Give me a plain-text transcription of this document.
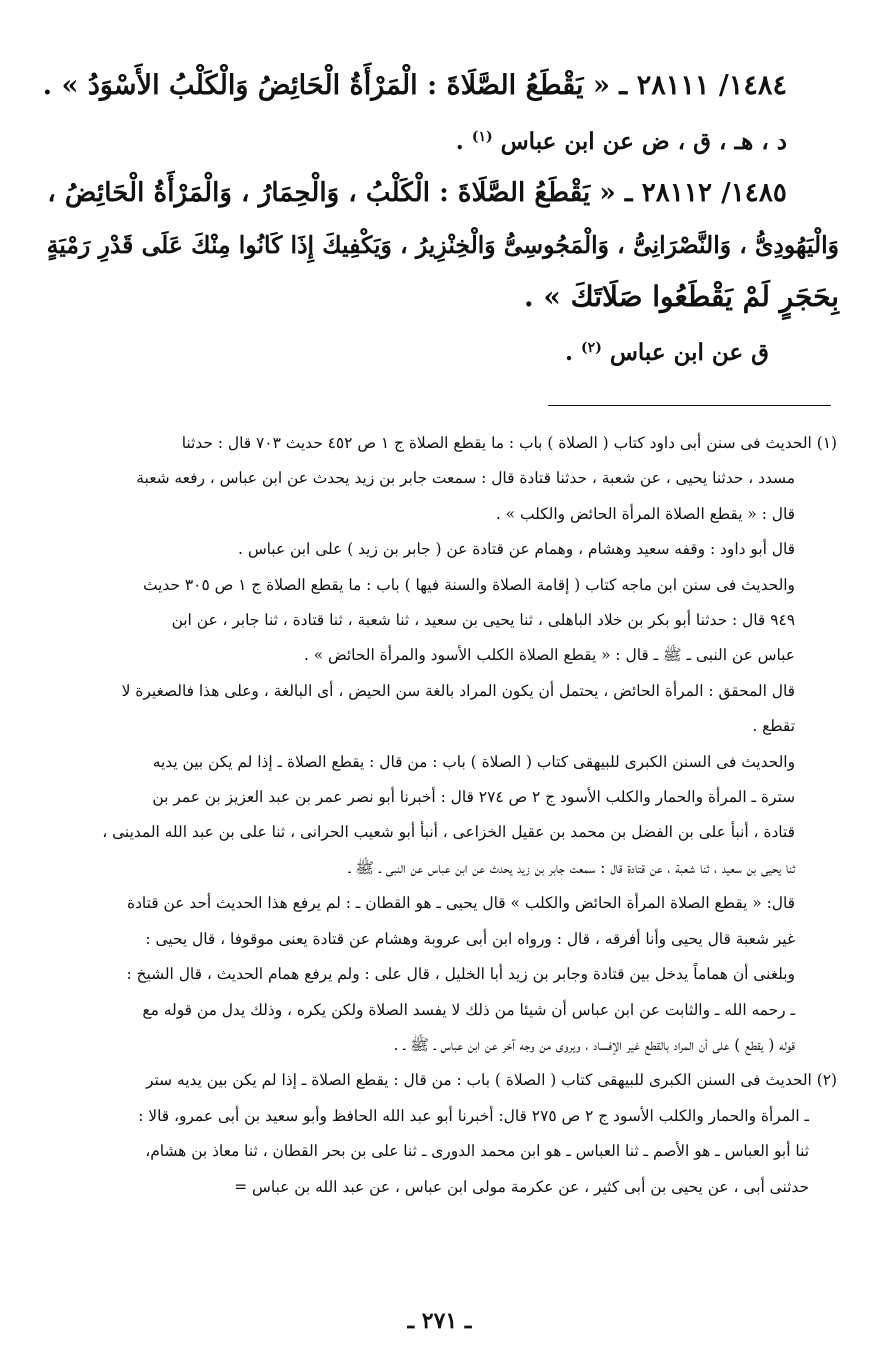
١٤٨٤/ ٢٨١١١ ـ « يَقْطَعُ الصَّلَاةَ : الْمَرْأَةُ الْحَائِضُ وَالْكَلْبُ الأَسْوَدُ » .
د ، هـ ، ق ، ض عن ابن عباس $^{(١)}$ .
١٤٨٥/ ٢٨١١٢ ـ « يَقْطَعُ الصَّلَاةَ : الْكَلْبُ ، وَالْحِمَارُ ، وَالْمَرْأَةُ الْحَائِضُ ،
وَالْيَهُودِىُّ ، وَالنَّصْرَانِىُّ ، وَالْمَجُوسِىُّ وَالْخِنْزِيرُ ، وَيَكْفِيكَ إِذَا كَانُوا مِنْكَ عَلَى قَدْرِ رَمْيَةٍ
بِحَجَرٍ لَمْ يَقْطَعُوا صَلَاتَكَ » .
ق عن ابن عباس $^{(٢)}$ .
(١) الحديث فى سنن أبى داود كتاب ( الصلاة ) باب : ما يقطع الصلاة ج ١ ص ٤٥٢ حديث ٧٠٣ قال : حدثنا
مسدد ، حدثنا يحيى ، عن شعبة ، حدثنا قتادة قال : سمعت جابر بن زيد يحدث عن ابن عباس ، رفعه شعبة
قال : « يقطع الصلاة المرأة الحائض والكلب » .
قال أبو داود : وقفه سعيد وهشام ، وهمام عن قتادة عن ( جابر بن زيد ) على ابن عباس .
والحديث فى سنن ابن ماجه كتاب ( إقامة الصلاة والسنة فيها ) باب : ما يقطع الصلاة ج ١ ص ٣٠٥ حديث
٩٤٩ قال : حدثنا أبو بكر بن خلاد الباهلى ، ثنا يحيى بن سعيد ، ثنا شعبة ، ثنا قتادة ، ثنا جابر ، عن ابن
عباس عن النبى ـ ﷺ ـ قال : « يقطع الصلاة الكلب الأسود والمرأة الحائض » .
قال المحقق : المرأة الحائض ، يحتمل أن يكون المراد بالغة سن الحيض ، أى البالغة ، وعلى هذا فالصغيرة لا
تقطع .
والحديث فى السنن الكبرى للبيهقى كتاب ( الصلاة ) باب : من قال : يقطع الصلاة ـ إذا لم يكن بين يديه
سترة ـ المرأة والحمار والكلب الأسود ج ٢ ص ٢٧٤ قال : أخبرنا أبو نصر عمر بن عبد العزيز بن عمر بن
قتادة ، أنبأ على بن الفضل بن محمد بن عقيل الخزاعى ، أنبأ أبو شعيب الحرانى ، ثنا على بن عبد الله المدينى ،
ثنا يحيى بن سعيد ، ثنا شعبة ، عن قتادة قال : سمعت جابر بن زيد يحدث عن ابن عباس عن النبى ـ ﷺ ـ
قال: « يقطع الصلاة المرأة الحائض والكلب » قال يحيى ـ هو القطان ـ : لم يرفع هذا الحديث أحد عن قتادة
غير شعبة قال يحيى وأنا أفرقه ، قال : ورواه ابن أبى عروبة وهشام عن قتادة يعنى موقوفا ، قال يحيى :
وبلغنى أن هماماً يدخل بين قتادة وجابر بن زيد أبا الخليل ، قال على : ولم يرفع همام الحديث ، قال الشيخ :
ـ رحمه الله ـ والثابت عن ابن عباس أن شيئا من ذلك لا يفسد الصلاة ولكن يكره ، وذلك يدل من قوله مع
قوله ( يقطع ) على أن المراد بالقطع غير الإفساد ، ويروى من وجه آخر عن ابن عباس ـ ﷺ ـ .
(٢) الحديث فى السنن الكبرى للبيهقى كتاب ( الصلاة ) باب : من قال : يقطع الصلاة ـ إذا لم يكن بين يديه ستر
ـ المرأة والحمار والكلب الأسود ج ٢ ص ٢٧٥ قال: أخبرنا أبو عبد الله الحافظ وأبو سعيد بن أبى عمرو، قالا :
ثنا أبو العباس ـ هو الأصم ـ ثنا العباس ـ هو ابن محمد الدورى ـ ثنا على بن بحر القطان ، ثنا معاذ بن هشام،
حدثنى أبى ، عن يحيى بن أبى كثير ، عن عكرمة مولى ابن عباس ، عن عبد الله بن عباس =
ـ ٢٧١ ـ
